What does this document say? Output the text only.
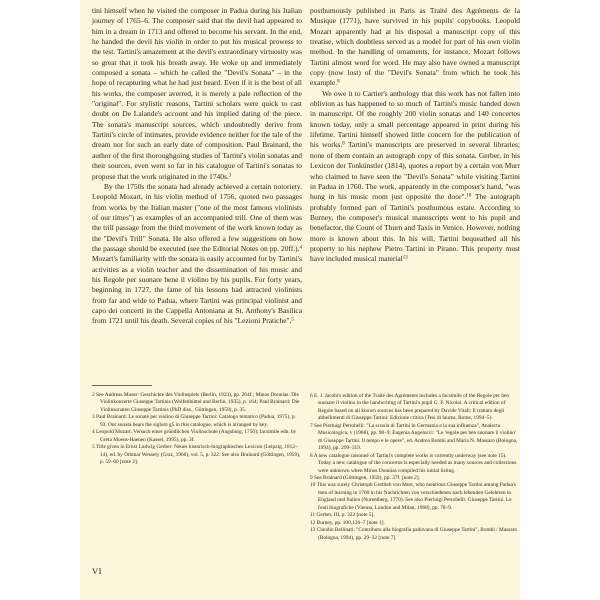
tini himself when he visited the composer in Padua during his Italian journey of 1765–6. The composer said that the devil had appeared to him in a dream in 1713 and offered to become his servant. In the end, he handed the devil his violin in order to put his musical prowess to the test. Tartini's amazement at the devil's extraordinary virtuosity was so great that it took his breath away. He woke up and immediately composed a sonata – which he called the "Devil's Sonata" – in the hope of recapturing what he had just heard. Even if it is the best of all his works, the composer averred, it is merely a pale reflection of the "original". For stylistic reasons, Tartini scholars were quick to cast doubt on De Lalande's account and his implied dating of the piece. The sonata's manuscript sources, which undoubtedly derive from Tartini's circle of intimates, provide evidence neither for the tale of the dream nor for such an early date of composition. Paul Brainard, the author of the first thoroughgoing studies of Tartini's violin sonatas and their sources, even went so far in his catalogue of Tartini's sonatas to propose that the work originated in the 1740s.$^3$

By the 1750s the sonata had already achieved a certain notoriety. Leopold Mozart, in his violin method of 1756, quoted two passages from works by the Italian master ("one of the most famous violinists of our times") as examples of an accompanied trill. One of them was the trill passage from the third movement of the work known today as the "Devil's Trill" Sonata. He also offered a few suggestions on how the passage should be executed (see the Editorial Notes on pp. 20ff.).$^4$ Mozart's familiarity with the sonata is easily accounted for by Tartini's activities as a violin teacher and the dissemination of his music and his Regole per suonare bene il violino by his pupils. For forty years, beginning in 1727, the fame of his lessons had attracted violinists from far and wide to Padua, where Tartini was principal violinist and capo dei concerti in the Cappella Antoniana at St. Anthony's Basilica from 1721 until his death. Several copies of his "Lezioni Pratiche",$^5$

posthumously published in Paris as Traité des Agréments de la Musique (1771), have survived in his pupils' copybooks. Leopold Mozart apparently had at his disposal a manuscript copy of this treatise, which doubtless served as a model for part of his own violin method. In the handling of ornaments, for instance, Mozart follows Tartini almost word for word. He may also have owned a manuscript copy (now lost) of the "Devil's Sonata" from which he took his example.$^8$

We owe it to Cartier's anthology that this work has not fallen into oblivion as has happened to so much of Tartini's music handed down in manuscript. Of the roughly 200 violin sonatas and 140 concertos known today, only a small percentage appeared in print during his lifetime. Tartini himself showed little concern for the publication of his works.$^8$ Tartini's manuscripts are preserved in several libraries; none of them contain an autograph copy of this sonata. Gerber, in his Lexicon der Tonkünstler (1814), quotes a report by a certain von Murr who claimed to have seen the "Devil's Sonata" while visiting Tartini in Padua in 1760. The work, apparently in the composer's hand, "was hung in his music room just opposite the door".$^{10}$ The autograph probably formed part of Tartini's posthumous estate. According to Burney, the composer's musical manuscripts went to his pupil and benefactor, the Count of Thurn and Taxis in Venice. However, nothing more is known about this. In his will, Tartini bequeathed all his property to his nephew Pietro Tartini in Pirano. This property must have included musical material$^{13}$

2 See Andreas Moser: Geschichte des Violinspiels (Berlin, 1923), pp. 264f.; Minos Dounias: Die Violinkonzerte Giuseppe Tartinis (Wolfenbüttel and Berlin, 1935), p. 164; Paul Brainard: Die Violinsonaten Giuseppe Tartinis (PhD diss., Göttingen, 1959), p. 35.

3 Paul Brainard: Le sonate per violino di Giuseppe Tartini: Catalogo tematico (Padua, 1975), p. 93. Our sonata bears the siglum g5 in this catalogue, which is arranged by key.

4 Leopold Mozart: Versuch einer gründlichen Violinschule (Augsburg, 1756); facsimile edn. by Greta Moens-Haenen (Kassel, 1995), pp. 3f.

5 Title given in Ernst Ludwig Gerber: Neues historisch-biographisches Lexicon (Leipzig, 1812–14), ed. by Othmar Wessely (Graz, 1966), vol. 5, p. 322. See also Brainard (Göttingen, 1959), p. 59–60 [note 2].

6 E. J. Jacobi's edition of the Traité des Agréments includes a facsimile of the Regole per ben suonare il violino in the handwriting of Tartini's pupil G. F. Nicolai. A critical edition of Regole based on all known sources has been prepared by Davide Vitali: Il trattato degli abbellimenti di Giuseppe Tartini: Edizione critica (Tesi di laurea, Rome, 1994–5).

7 See Pierluigi Petrobelli: "La scuola di Tartini in Germania e la sua influenza", Analecta Musicologica, v (1968), pp. 98–9; Eugenia Angelucci: "Le 'regole per ben suonare il violino' di Giuseppe Tartini. Il tempo e le opere", ed. Andrea Bombi and Maria N. Massaro (Bologna, 1994), pp. 299–319.

8 A new catalogue raisonné of Tartini's complete works is currently underway (see note 15). Today a new catalogue of the concertos is especially needed as many sources and collections were unknown when Minos Dounias compiled his initial listing.

9 See Brainard (Göttingen, 1959), pp. 37f. [note 2].

10 This was surely Christoph Gottlieb von Murr, who mentions Giuseppe Tartini among Padua's men of learning in 1760 in his Nachrichten von verschiedenen nach lebenden Gelehrten in England und Italien (Nuremberg, 1770). See also Pierluigi Petrobelli: Giuseppe Tartini. Le fonti biografiche (Vienna, London and Milan, 1968), pp. 78–9.

11 Gerber, III, p. 322 [note 5].

12 Burney, pp. 100,126–7 [note 1].

13 Claudio Bellinati: "Contributo alla biografia padovana di Giuseppe Tartini", Bombi / Massaro (Bologna, 1994), pp. 29–32 [note 7].

VI
